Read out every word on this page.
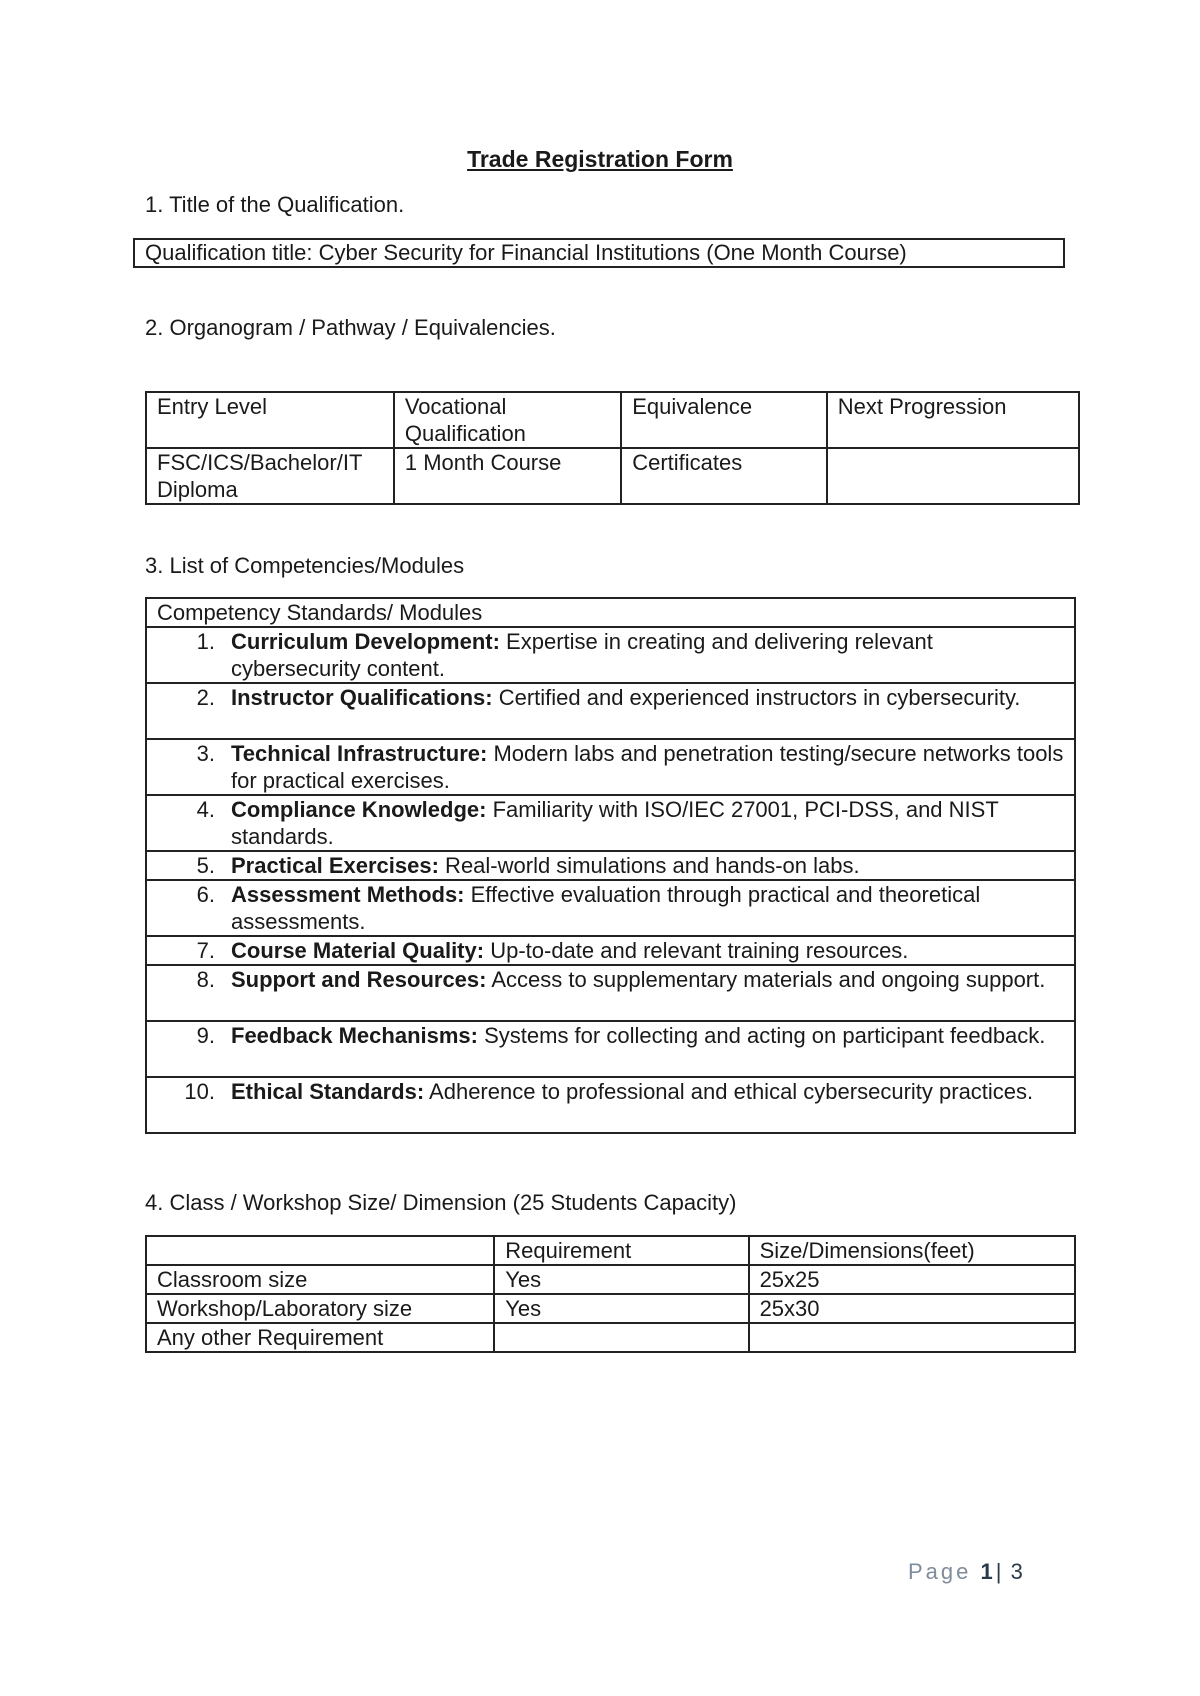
Trade Registration Form
1. Title of the Qualification.
Qualification title: Cyber Security for Financial Institutions (One Month Course)
2. Organogram / Pathway / Equivalencies.
Entry Level	Vocational Qualification	Equivalence	Next Progression
FSC/ICS/Bachelor/IT Diploma	1 Month Course	Certificates	
3. List of Competencies/Modules
Competency Standards/ Modules

1. Curriculum Development: Expertise in creating and delivering relevant cybersecurity content.

2. Instructor Qualifications: Certified and experienced instructors in cybersecurity.

3. Technical Infrastructure: Modern labs and penetration testing/secure networks tools for practical exercises.

4. Compliance Knowledge: Familiarity with ISO/IEC 27001, PCI-DSS, and NIST standards.

5. Practical Exercises: Real-world simulations and hands-on labs.

6. Assessment Methods: Effective evaluation through practical and theoretical assessments.

7. Course Material Quality: Up-to-date and relevant training resources.

8. Support and Resources: Access to supplementary materials and ongoing support.

9. Feedback Mechanisms: Systems for collecting and acting on participant feedback.

10. Ethical Standards: Adherence to professional and ethical cybersecurity practices.
4. Class / Workshop Size/ Dimension (25 Students Capacity)
	Requirement	Size/Dimensions(feet)
Classroom size	Yes	25x25
Workshop/Laboratory size	Yes	25x30
Any other Requirement		
Page 1| 3
